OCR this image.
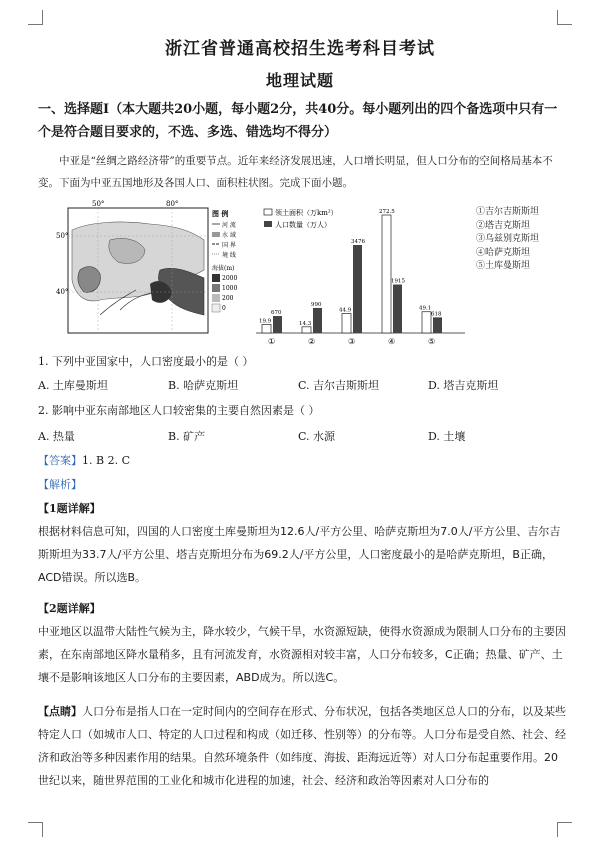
浙江省普通高校招生选考科目考试
地理试题
一、选择题Ⅰ（本大题共20小题，每小题2分，共40分。每小题列出的四个备选项中只有一个是符合题目要求的，不选、多选、错选均不得分）
中亚是“丝绸之路经济带”的重要节点。近年来经济发展迅速，人口增长明显，但人口分布的空间格局基本不变。下面为中亚五国地形及各国人口、面积柱状图。完成下面小题。
50°	80°
50°
40°
图 例
河 流
水 域
国 界
境 线
海拔(m)
2000
1000
200
0
领土面积（万km²）
人口数量（万人）
19.9
670
①
14.3
990
②
44.9
3476
③
272.5
1915
④
49.1
618
⑤
①吉尔吉斯斯坦
②塔吉克斯坦
③乌兹别克斯坦
④哈萨克斯坦
⑤土库曼斯坦
1. 下列中亚国家中，人口密度最小的是（ ）
A. 土库曼斯坦	B. 哈萨克斯坦	C. 吉尔吉斯斯坦	D. 塔吉克斯坦
2. 影响中亚东南部地区人口较密集的主要自然因素是（ ）
A. 热量	B. 矿产	C. 水源	D. 土壤
【答案】1. B 2. C
【解析】
【1题详解】
根据材料信息可知，四国的人口密度土库曼斯坦为12.6人/平方公里、哈萨克斯坦为7.0人/平方公里、吉尔吉斯斯坦为33.7人/平方公里、塔吉克斯坦分布为69.2人/平方公里，人口密度最小的是哈萨克斯坦，B正确，ACD错误。所以选B。
【2题详解】
中亚地区以温带大陆性气候为主，降水较少，气候干旱，水资源短缺，使得水资源成为限制人口分布的主要因素，在东南部地区降水量稍多，且有河流发育，水资源相对较丰富，人口分布较多，C正确；热量、矿产、土壤不是影响该地区人口分布的主要因素，ABD成为。所以选C。
【点睛】人口分布是指人口在一定时间内的空间存在形式、分布状况，包括各类地区总人口的分布，以及某些特定人口（如城市人口、特定的人口过程和构成（如迁移、性别等）的分布等。人口分布是受自然、社会、经济和政治等多种因素作用的结果。自然环境条件（如纬度、海拔、距海远近等）对人口分布起重要作用。20世纪以来，随世界范围的工业化和城市化进程的加速，社会、经济和政治等因素对人口分布的
